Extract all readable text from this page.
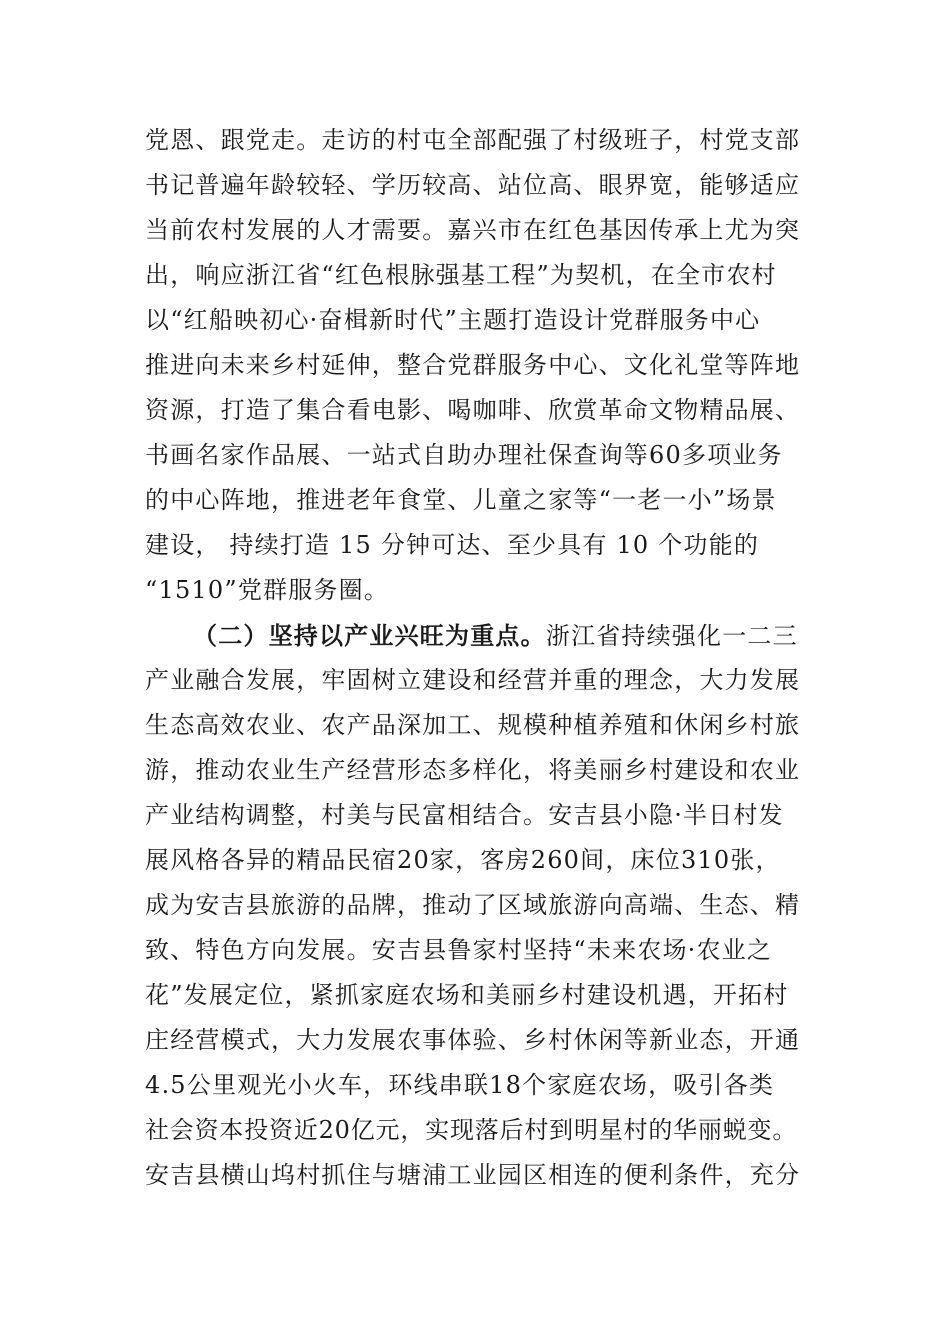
党恩、跟党走。走访的村屯全部配强了村级班子，村党支部
书记普遍年龄较轻、学历较高、站位高、眼界宽，能够适应
当前农村发展的人才需要。嘉兴市在红色基因传承上尤为突
出，响应浙江省“红色根脉强基工程”为契机，在全市农村
以“红船映初心·奋楫新时代”主题打造设计党群服务中心
推进向未来乡村延伸，整合党群服务中心、文化礼堂等阵地
资源，打造了集合看电影、喝咖啡、欣赏革命文物精品展、
书画名家作品展、一站式自助办理社保查询等60多项业务
的中心阵地，推进老年食堂、儿童之家等“一老一小”场景
建设， 持续打造 15 分钟可达、至少具有 10 个功能的
“1510”党群服务圈。
（二）坚持以产业兴旺为重点。浙江省持续强化一二三
产业融合发展，牢固树立建设和经营并重的理念，大力发展
生态高效农业、农产品深加工、规模种植养殖和休闲乡村旅
游，推动农业生产经营形态多样化，将美丽乡村建设和农业
产业结构调整，村美与民富相结合。安吉县小隐·半日村发
展风格各异的精品民宿20家，客房260间，床位310张，
成为安吉县旅游的品牌，推动了区域旅游向高端、生态、精
致、特色方向发展。安吉县鲁家村坚持“未来农场·农业之
花”发展定位，紧抓家庭农场和美丽乡村建设机遇，开拓村
庄经营模式，大力发展农事体验、乡村休闲等新业态，开通
4.5公里观光小火车，环线串联18个家庭农场，吸引各类
社会资本投资近20亿元，实现落后村到明星村的华丽蜕变。
安吉县横山坞村抓住与塘浦工业园区相连的便利条件，充分
